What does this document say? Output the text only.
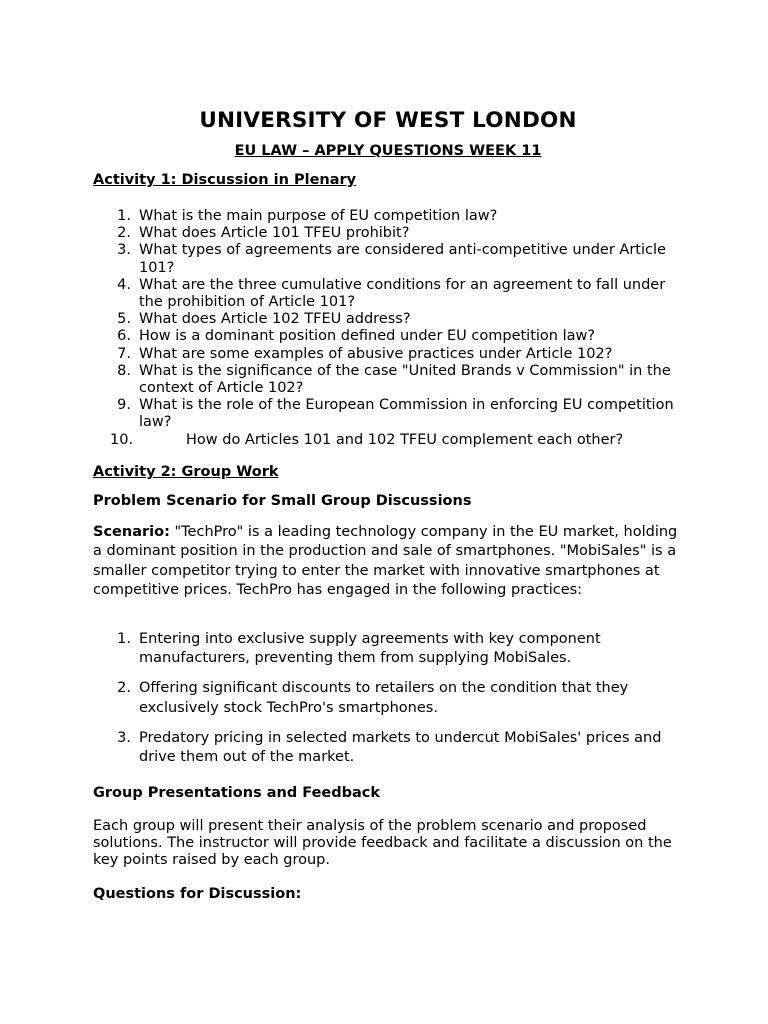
UNIVERSITY OF WEST LONDON
EU LAW – APPLY QUESTIONS WEEK 11
Activity 1: Discussion in Plenary
1. What is the main purpose of EU competition law?
2. What does Article 101 TFEU prohibit?
3. What types of agreements are considered anti-competitive under Article 101?
4. What are the three cumulative conditions for an agreement to fall under the prohibition of Article 101?
5. What does Article 102 TFEU address?
6. How is a dominant position defined under EU competition law?
7. What are some examples of abusive practices under Article 102?
8. What is the significance of the case "United Brands v Commission" in the context of Article 102?
9. What is the role of the European Commission in enforcing EU competition law?
10.	How do Articles 101 and 102 TFEU complement each other?
Activity 2: Group Work
Problem Scenario for Small Group Discussions
Scenario: "TechPro" is a leading technology company in the EU market, holding a dominant position in the production and sale of smartphones. "MobiSales" is a smaller competitor trying to enter the market with innovative smartphones at competitive prices. TechPro has engaged in the following practices:
1. Entering into exclusive supply agreements with key component manufacturers, preventing them from supplying MobiSales.
2. Offering significant discounts to retailers on the condition that they exclusively stock TechPro's smartphones.
3. Predatory pricing in selected markets to undercut MobiSales' prices and drive them out of the market.
Group Presentations and Feedback
Each group will present their analysis of the problem scenario and proposed solutions. The instructor will provide feedback and facilitate a discussion on the key points raised by each group.
Questions for Discussion:
